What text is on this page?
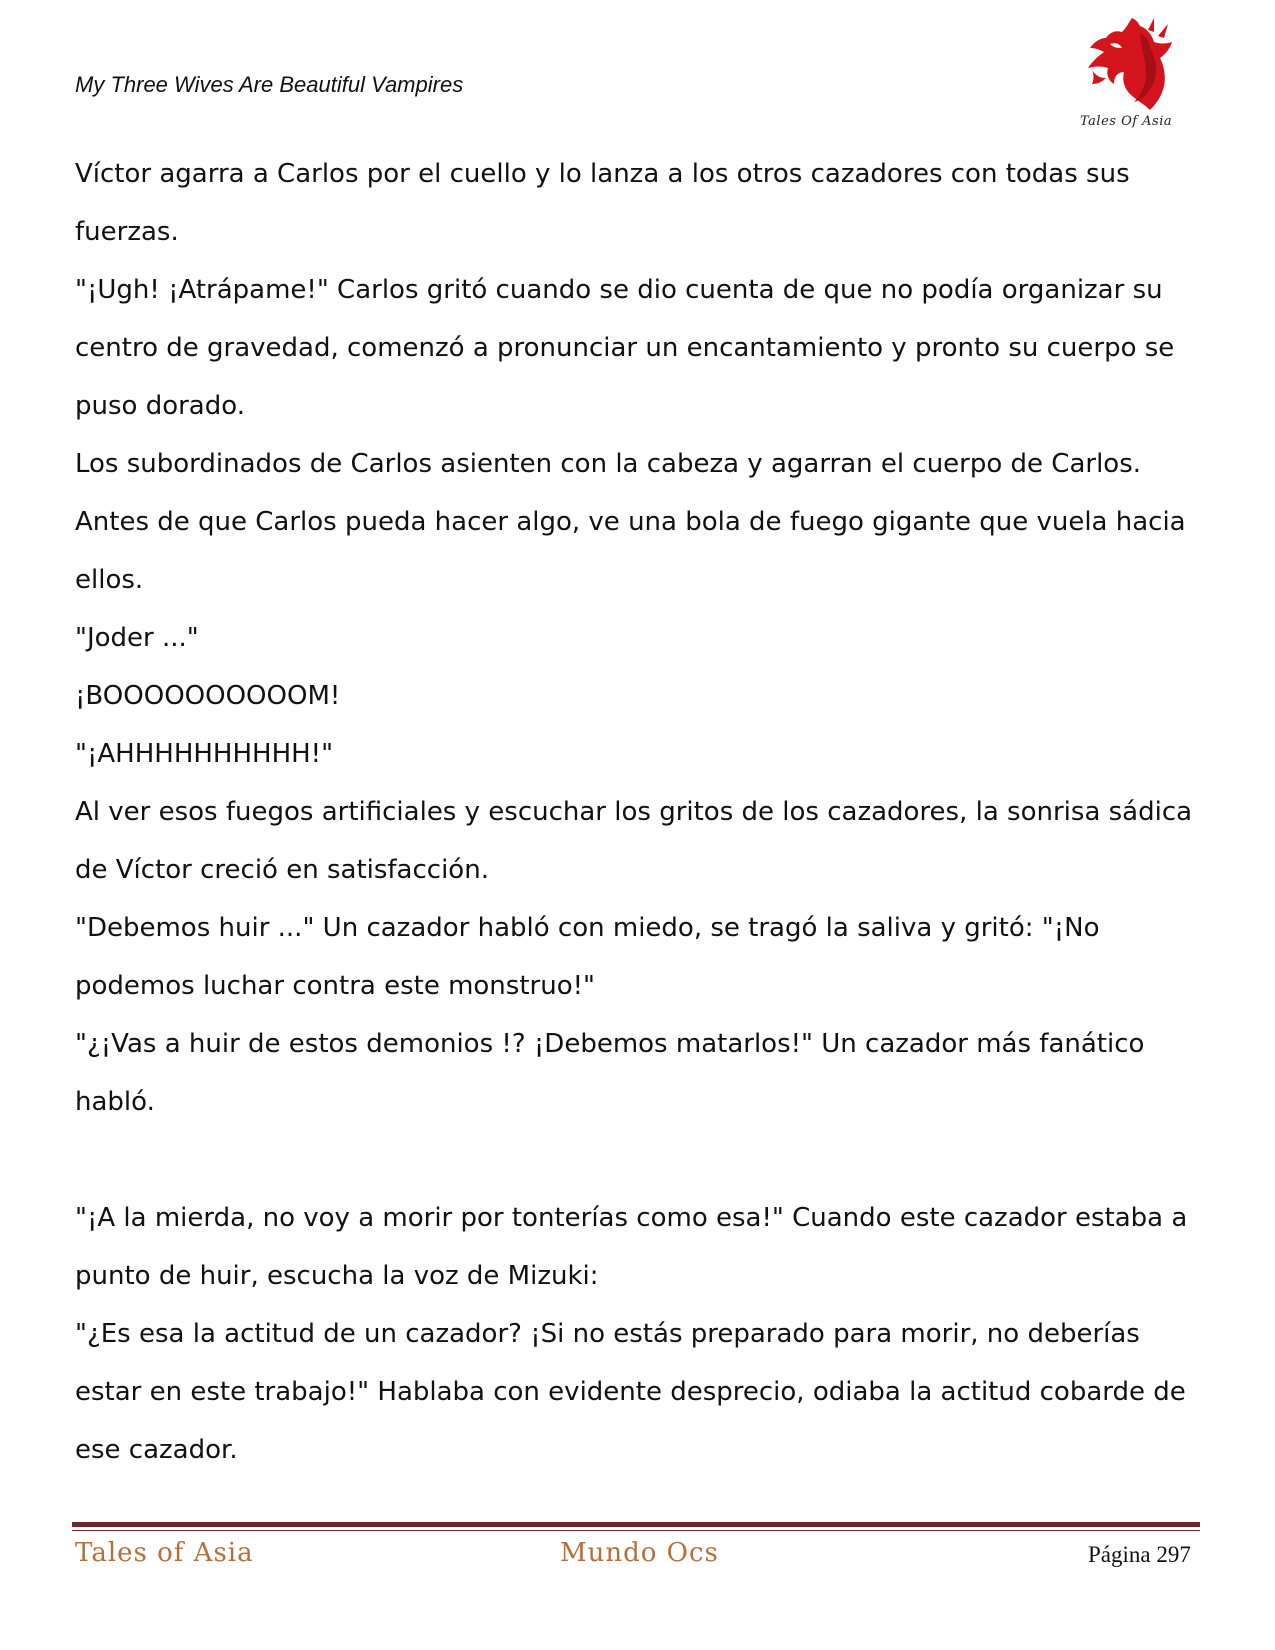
My Three Wives Are Beautiful Vampires
Tales Of Asia

Víctor agarra a Carlos por el cuello y lo lanza a los otros cazadores con todas sus fuerzas.

"¡Ugh! ¡Atrápame!" Carlos gritó cuando se dio cuenta de que no podía organizar su centro de gravedad, comenzó a pronunciar un encantamiento y pronto su cuerpo se puso dorado.

Los subordinados de Carlos asienten con la cabeza y agarran el cuerpo de Carlos.

Antes de que Carlos pueda hacer algo, ve una bola de fuego gigante que vuela hacia ellos.

"Joder ..."

¡BOOOOOOOOOOM!

"¡AHHHHHHHHHH!"

Al ver esos fuegos artificiales y escuchar los gritos de los cazadores, la sonrisa sádica de Víctor creció en satisfacción.

"Debemos huir ..." Un cazador habló con miedo, se tragó la saliva y gritó: "¡No podemos luchar contra este monstruo!"

"¿¡Vas a huir de estos demonios !? ¡Debemos matarlos!" Un cazador más fanático habló.

"¡A la mierda, no voy a morir por tonterías como esa!" Cuando este cazador estaba a punto de huir, escucha la voz de Mizuki:

"¿Es esa la actitud de un cazador? ¡Si no estás preparado para morir, no deberías estar en este trabajo!" Hablaba con evidente desprecio, odiaba la actitud cobarde de ese cazador.

Tales of Asia	Mundo Ocs	Página 297
